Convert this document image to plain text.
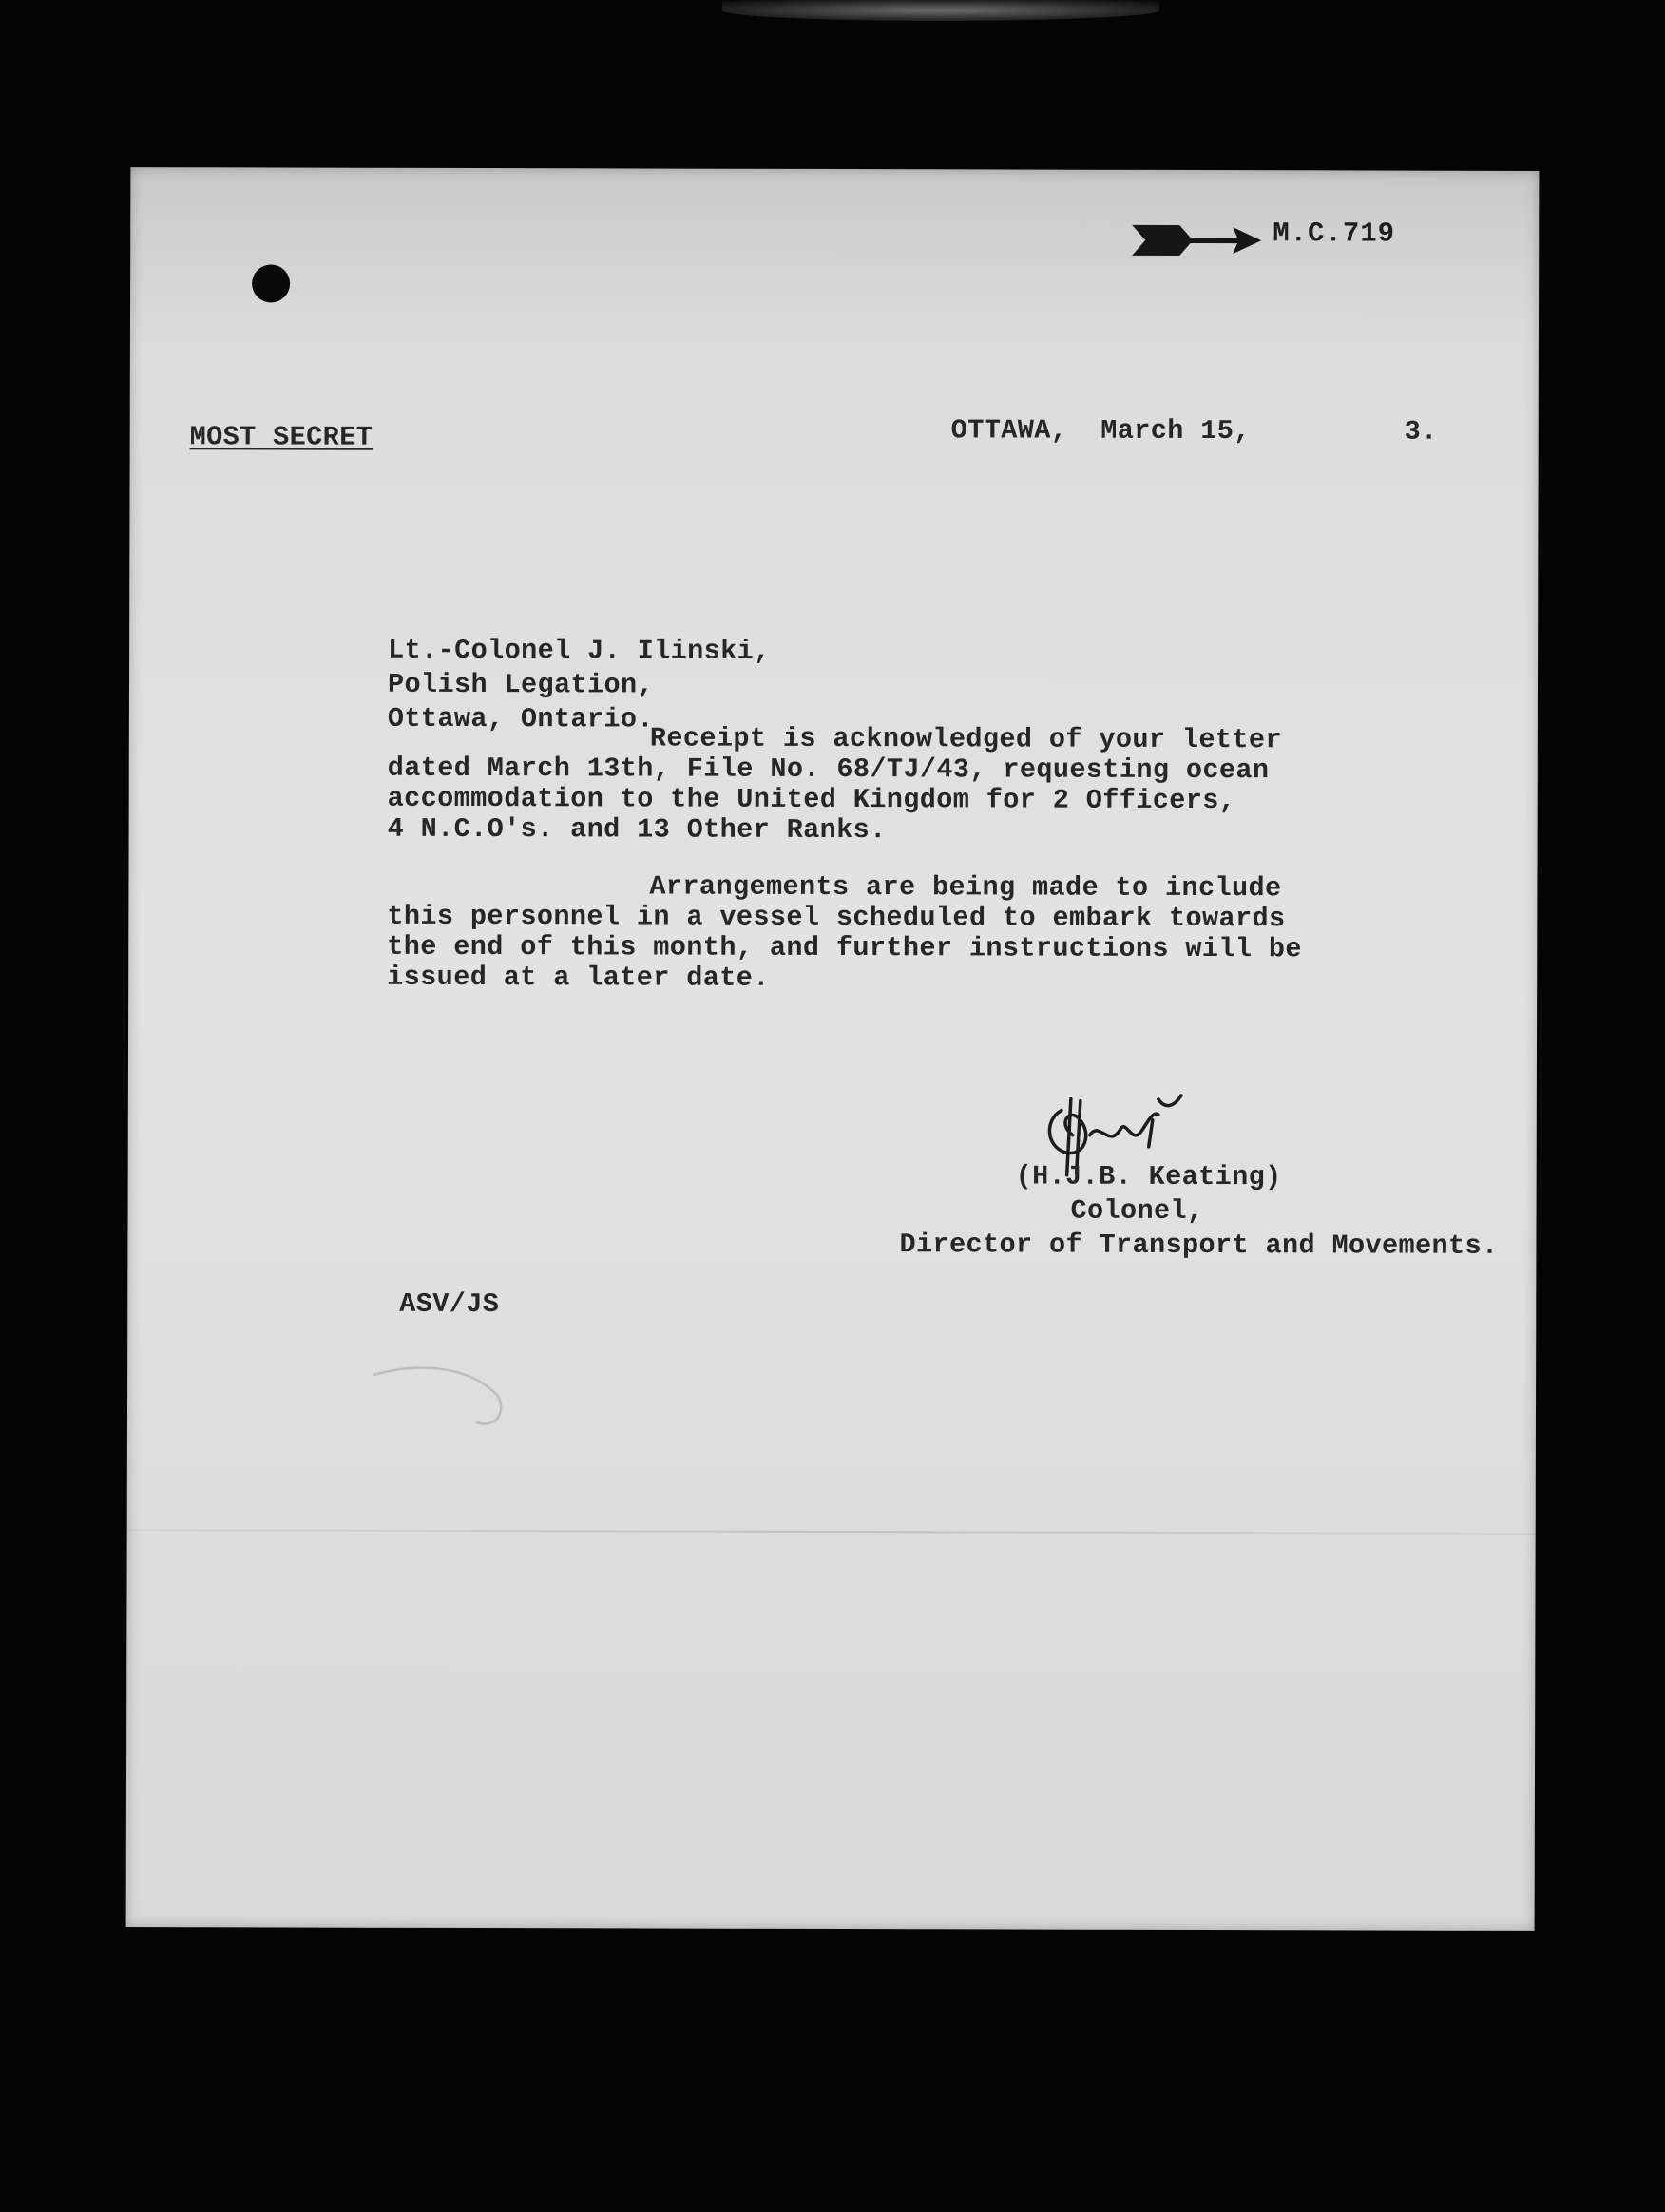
M.C.719
MOST SECRET	OTTAWA,  March 15,	3.
Lt.-Colonel J. Ilinski,
Polish Legation,
Ottawa, Ontario.
Receipt is acknowledged of your letter
dated March 13th, File No. 68/TJ/43, requesting ocean
accommodation to the United Kingdom for 2 Officers,
4 N.C.O's. and 13 Other Ranks.
Arrangements are being made to include
this personnel in a vessel scheduled to embark towards
the end of this month, and further instructions will be
issued at a later date.
(H.J.B. Keating)
Colonel,
Director of Transport and Movements.
ASV/JS
